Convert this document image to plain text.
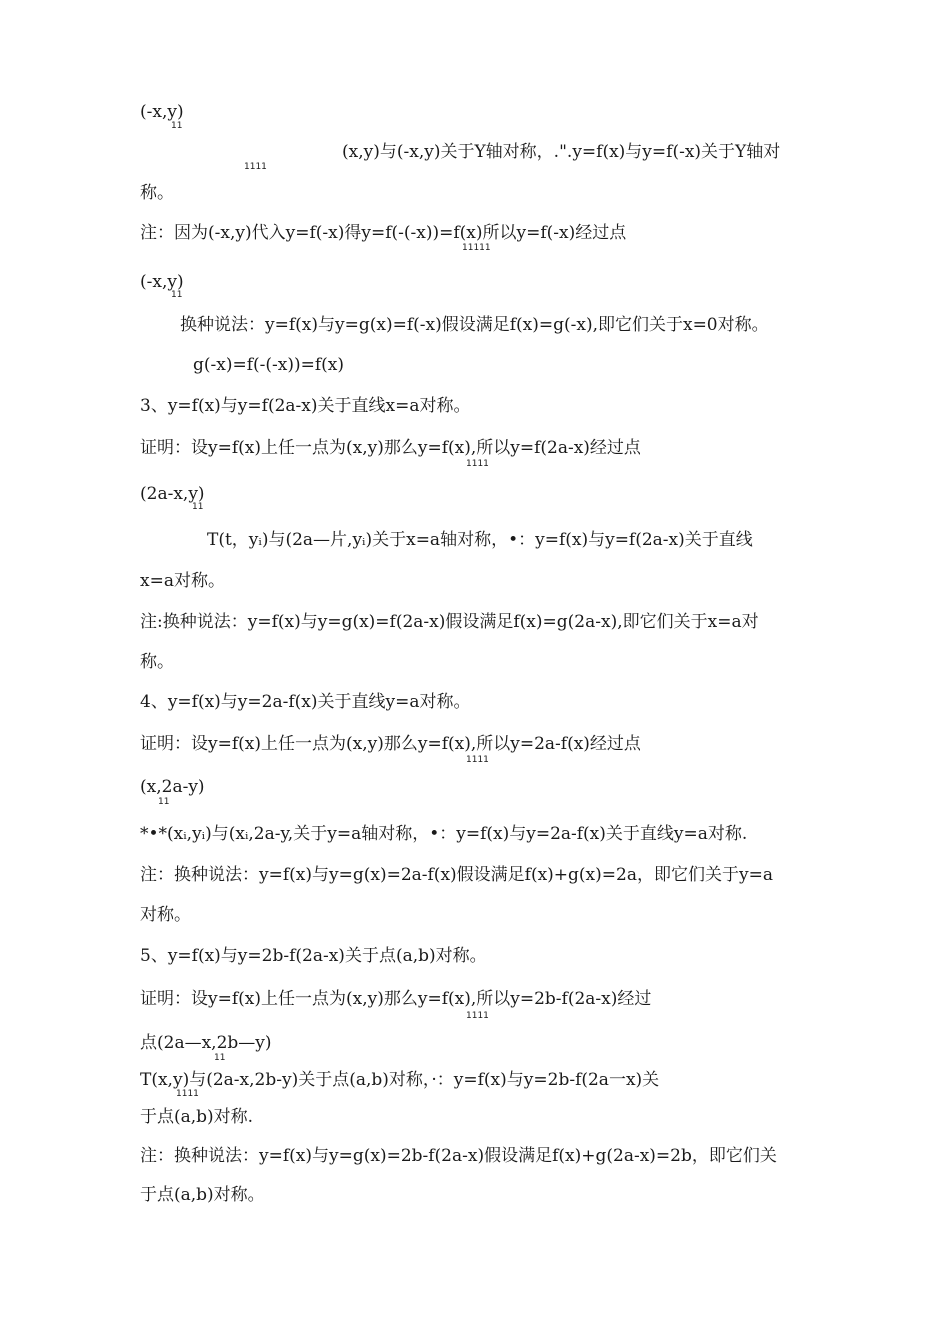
(-x,y)
11
(x,y)与(-x,y)关于Y轴对称，.".y=f(x)与y=f(-x)关于Y轴对
1111
称。
注：因为(-x,y)代入y=f(-x)得y=f(-(-x))=f(x)所以y=f(-x)经过点
11111
(-x,y)
11
换种说法：y=f(x)与y=g(x)=f(-x)假设满足f(x)=g(-x),即它们关于x=0对称。
g(-x)=f(-(-x))=f(x)
3、y=f(x)与y=f(2a-x)关于直线x=a对称。
证明：设y=f(x)上任一点为(x,y)那么y=f(x),所以y=f(2a-x)经过点
1111
(2a-x,y)
11
T(t，yᵢ)与(2a—片,yᵢ)关于x=a轴对称，•：y=f(x)与y=f(2a-x)关于直线
x=a对称。
注:换种说法：y=f(x)与y=g(x)=f(2a-x)假设满足f(x)=g(2a-x),即它们关于x=a对
称。
4、y=f(x)与y=2a-f(x)关于直线y=a对称。
证明：设y=f(x)上任一点为(x,y)那么y=f(x),所以y=2a-f(x)经过点
1111
(x,2a-y)
11
*•*(xᵢ,yᵢ)与(xᵢ,2a-y,关于y=a轴对称，•：y=f(x)与y=2a-f(x)关于直线y=a对称.
注：换种说法：y=f(x)与y=g(x)=2a-f(x)假设满足f(x)+g(x)=2a，即它们关于y=a
对称。
5、y=f(x)与y=2b-f(2a-x)关于点(a,b)对称。
证明：设y=f(x)上任一点为(x,y)那么y=f(x),所以y=2b-f(2a-x)经过
1111
点(2a—x,2b—y)
11
T(x,y)与(2a-x,2b-y)关于点(a,b)对称，·：y=f(x)与y=2b-f(2a一x)关
1111
于点(a,b)对称.
注：换种说法：y=f(x)与y=g(x)=2b-f(2a-x)假设满足f(x)+g(2a-x)=2b，即它们关
于点(a,b)对称。
